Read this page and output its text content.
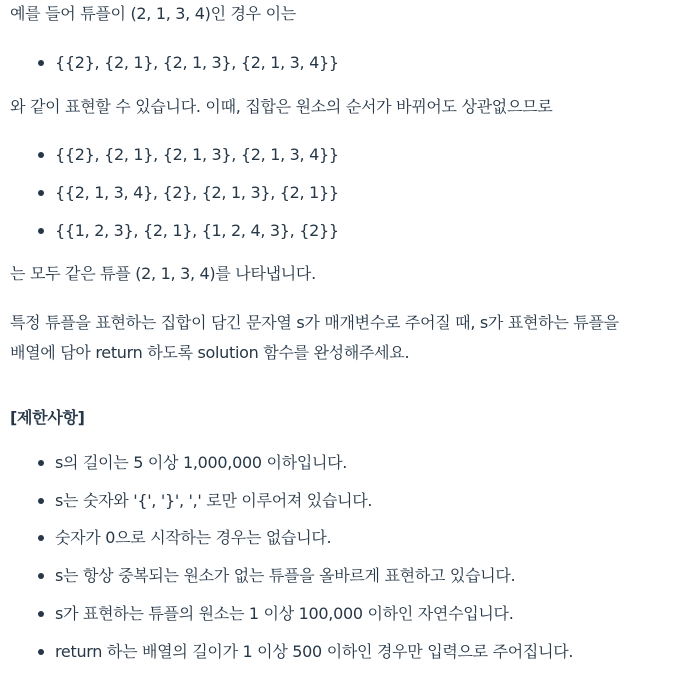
예를 들어 튜플이 (2, 1, 3, 4)인 경우 이는
{{2}, {2, 1}, {2, 1, 3}, {2, 1, 3, 4}}
와 같이 표현할 수 있습니다. 이때, 집합은 원소의 순서가 바뀌어도 상관없으므로
{{2}, {2, 1}, {2, 1, 3}, {2, 1, 3, 4}}
{{2, 1, 3, 4}, {2}, {2, 1, 3}, {2, 1}}
{{1, 2, 3}, {2, 1}, {1, 2, 4, 3}, {2}}
는 모두 같은 튜플 (2, 1, 3, 4)를 나타냅니다.
특정 튜플을 표현하는 집합이 담긴 문자열 s가 매개변수로 주어질 때, s가 표현하는 튜플을
배열에 담아 return 하도록 solution 함수를 완성해주세요.
[제한사항]
s의 길이는 5 이상 1,000,000 이하입니다.
s는 숫자와 '{', '}', ',' 로만 이루어져 있습니다.
숫자가 0으로 시작하는 경우는 없습니다.
s는 항상 중복되는 원소가 없는 튜플을 올바르게 표현하고 있습니다.
s가 표현하는 튜플의 원소는 1 이상 100,000 이하인 자연수입니다.
return 하는 배열의 길이가 1 이상 500 이하인 경우만 입력으로 주어집니다.
